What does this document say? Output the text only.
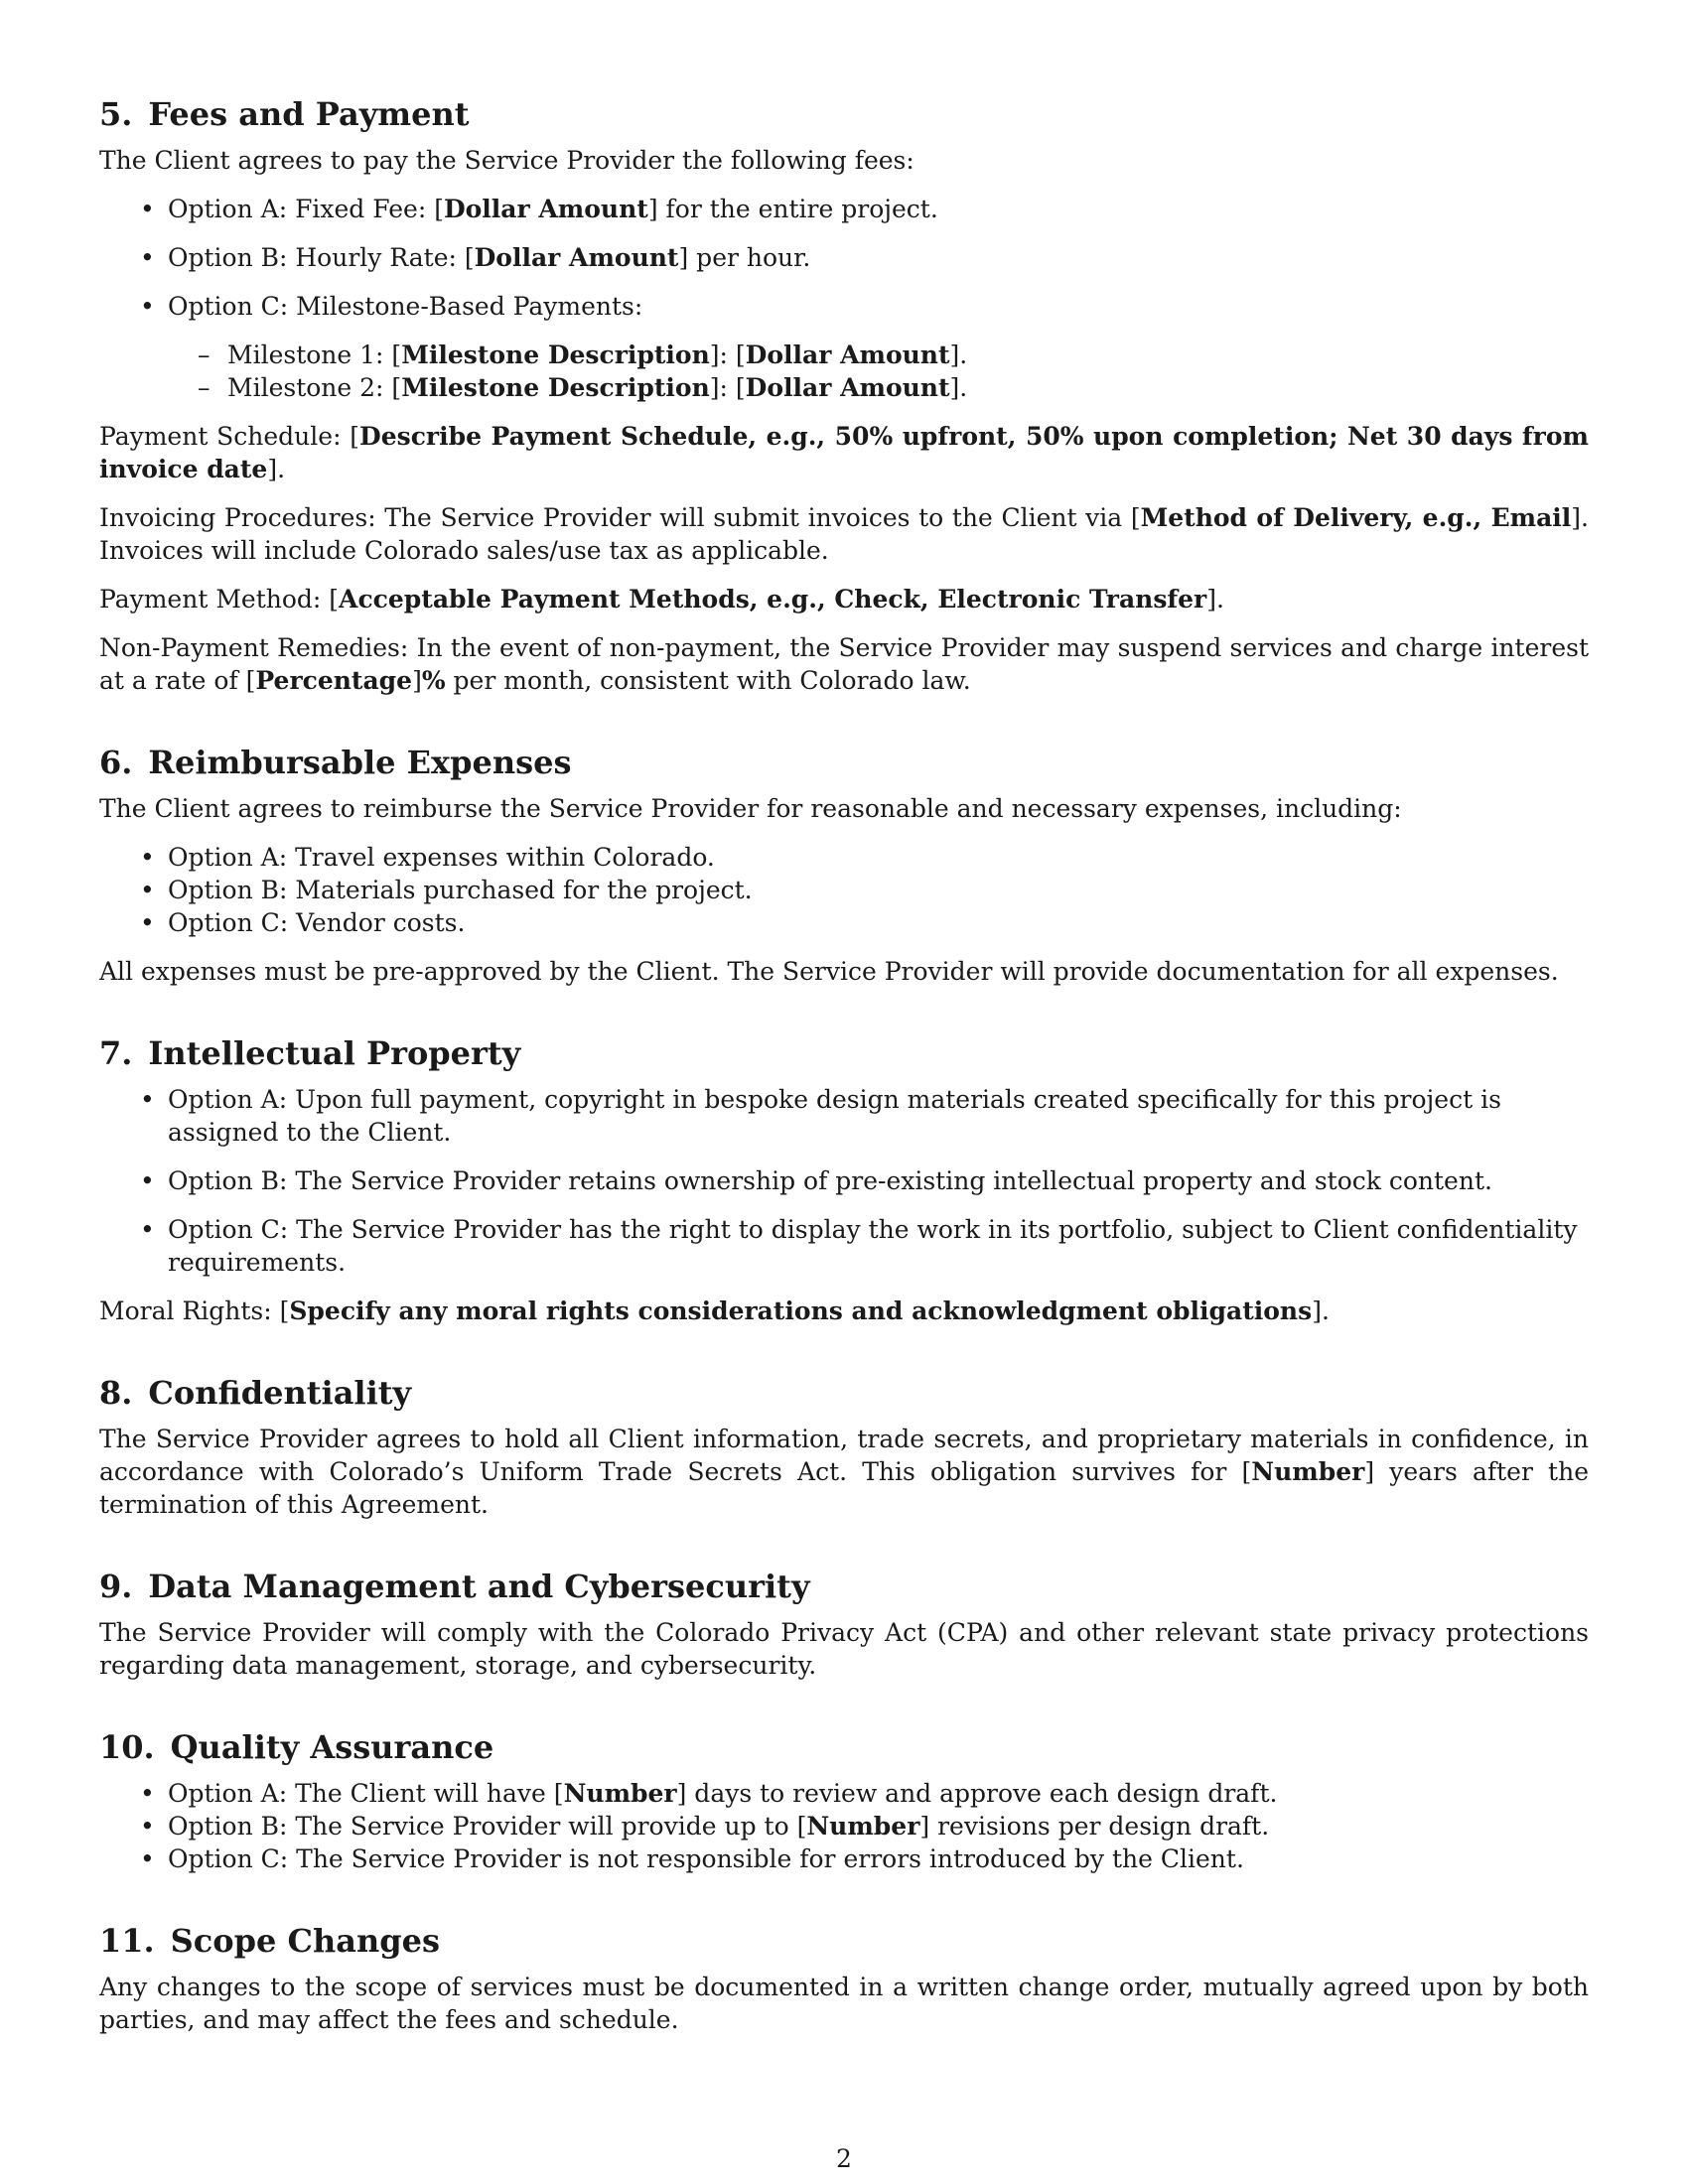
5. Fees and Payment

The Client agrees to pay the Service Provider the following fees:

• Option A: Fixed Fee: [Dollar Amount] for the entire project.
• Option B: Hourly Rate: [Dollar Amount] per hour.
• Option C: Milestone-Based Payments:
– Milestone 1: [Milestone Description]: [Dollar Amount].
– Milestone 2: [Milestone Description]: [Dollar Amount].

Payment Schedule: [Describe Payment Schedule, e.g., 50% upfront, 50% upon completion; Net 30 days from invoice date].

Invoicing Procedures: The Service Provider will submit invoices to the Client via [Method of Delivery, e.g., Email]. Invoices will include Colorado sales/use tax as applicable.

Payment Method: [Acceptable Payment Methods, e.g., Check, Electronic Transfer].

Non-Payment Remedies: In the event of non-payment, the Service Provider may suspend services and charge interest at a rate of [Percentage]% per month, consistent with Colorado law.

6. Reimbursable Expenses

The Client agrees to reimburse the Service Provider for reasonable and necessary expenses, including:

• Option A: Travel expenses within Colorado.
• Option B: Materials purchased for the project.
• Option C: Vendor costs.

All expenses must be pre-approved by the Client. The Service Provider will provide documentation for all expenses.

7. Intellectual Property
• Option A: Upon full payment, copyright in bespoke design materials created specifically for this project is assigned to the Client.
• Option B: The Service Provider retains ownership of pre-existing intellectual property and stock content.
• Option C: The Service Provider has the right to display the work in its portfolio, subject to Client confidentiality requirements.

Moral Rights: [Specify any moral rights considerations and acknowledgment obligations].

8. Confidentiality

The Service Provider agrees to hold all Client information, trade secrets, and proprietary materials in confidence, in accordance with Colorado’s Uniform Trade Secrets Act. This obligation survives for [Number] years after the termination of this Agreement.

9. Data Management and Cybersecurity

The Service Provider will comply with the Colorado Privacy Act (CPA) and other relevant state privacy protections regarding data management, storage, and cybersecurity.

10. Quality Assurance
• Option A: The Client will have [Number] days to review and approve each design draft.
• Option B: The Service Provider will provide up to [Number] revisions per design draft.
• Option C: The Service Provider is not responsible for errors introduced by the Client.
11. Scope Changes

Any changes to the scope of services must be documented in a written change order, mutually agreed upon by both parties, and may affect the fees and schedule.

2
